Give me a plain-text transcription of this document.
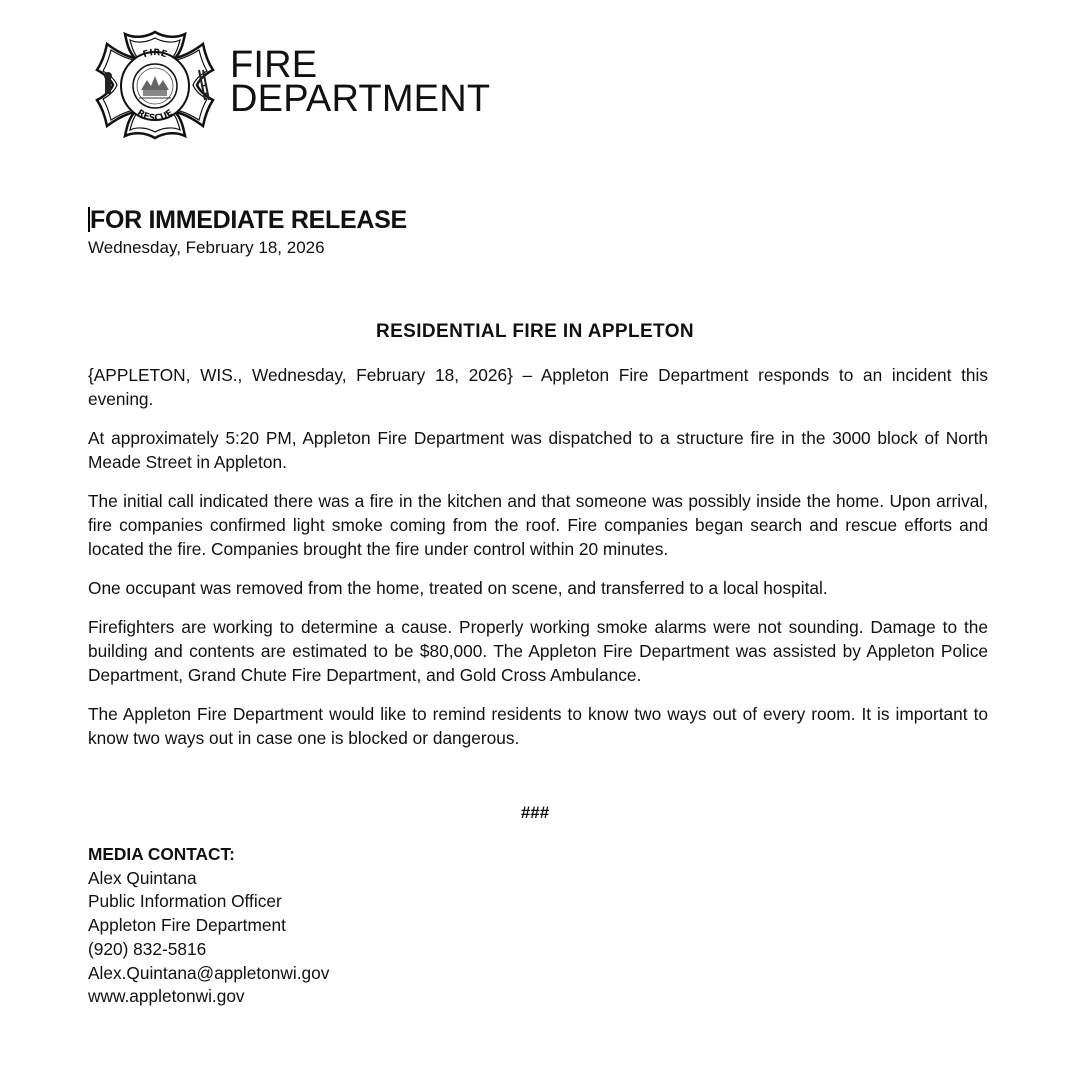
FIRE
RESCUE
FIRE
DEPARTMENT
FOR IMMEDIATE RELEASE
Wednesday, February 18, 2026
RESIDENTIAL FIRE IN APPLETON

{APPLETON, WIS., Wednesday, February 18, 2026} – Appleton Fire Department responds to an incident this evening.

At approximately 5:20 PM, Appleton Fire Department was dispatched to a structure fire in the 3000 block of North Meade Street in Appleton.

The initial call indicated there was a fire in the kitchen and that someone was possibly inside the home. Upon arrival, fire companies confirmed light smoke coming from the roof. Fire companies began search and rescue efforts and located the fire. Companies brought the fire under control within 20 minutes.

One occupant was removed from the home, treated on scene, and transferred to a local hospital.

Firefighters are working to determine a cause. Properly working smoke alarms were not sounding. Damage to the building and contents are estimated to be $80,000. The Appleton Fire Department was assisted by Appleton Police Department, Grand Chute Fire Department, and Gold Cross Ambulance.

The Appleton Fire Department would like to remind residents to know two ways out of every room. It is important to know two ways out in case one is blocked or dangerous.

###
MEDIA CONTACT:
Alex Quintana
Public Information Officer
Appleton Fire Department
(920) 832-5816
Alex.Quintana@appletonwi.gov
www.appletonwi.gov
